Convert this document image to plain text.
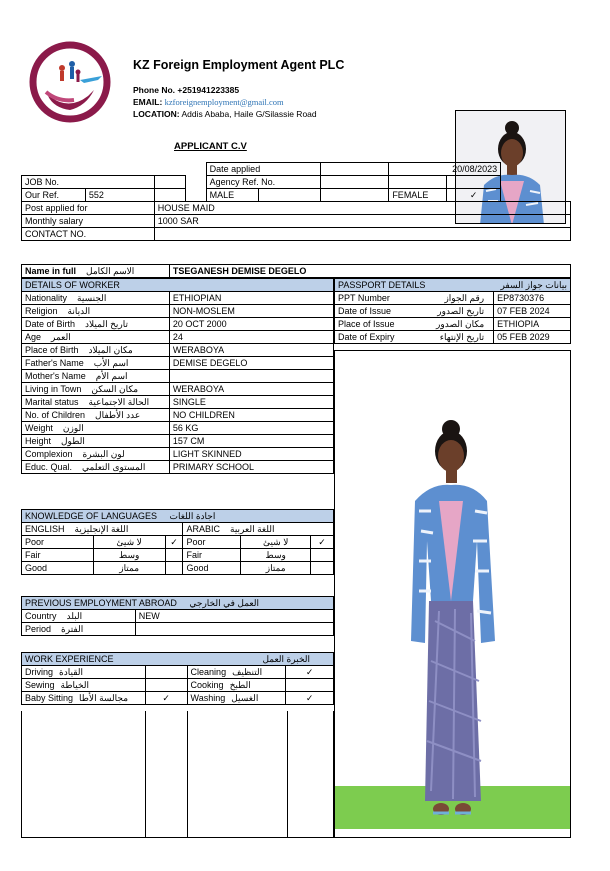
KZ Foreign Employment Agent PLC
Phone No. +251941223385
EMAIL: kzforeignemployment@gmail.com
LOCATION: Addis Ababa, Haile G/Silassie Road
APPLICANT C.V
				Date applied			20/08/2023		
JOB No.				Agency Ref. No.					
Our Ref.	552			MALE			FEMALE	✓	
Post applied for		HOUSE MAID							
Monthly salary		1000 SAR							
CONTACT NO.									
Name in full الاسم الكامل	TSEGANESH DEMISE DEGELO
DETAILS OF WORKER	
Nationality الجنسية	ETHIOPIAN
Religion الديانة	NON-MOSLEM
Date of Birth تاريخ الميلاد	20 OCT 2000
Age العمر	24
Place of Birth مكان الميلاد	WERABOYA
Father's Name اسم الأب	DEMISE DEGELO
Mother's Name اسم الأم	
Living in Town مكان السكن	WERABOYA
Marital status الحالة الاجتماعية	SINGLE
No. of Children عدد الأطفال	NO CHILDREN
Weight الوزن	56 KG
Height الطول	157 CM
Complexion لون البشرة	LIGHT SKINNED
Educ. Qual. المستوى التعلمي	PRIMARY SCHOOL
PASSPORT DETAILS بيانات جواز السفر	

PPT Number رقم الجواز	EP8730376
Date of Issue تاريخ الصدور	07 FEB 2024
Place of Issue مكان الصدور	ETHIOPIA
Date of Expiry تاريخ الإنتهاء	05 FEB 2029
KNOWLEDGE OF LANGUAGES اجادة اللغات					
ENGLISH اللغة الإنجليزية			ARABIC اللغة العربية		
Poor	لا شيئ	✓	Poor	لا شيئ	✓
Fair	وسط		Fair	وسط	
Good	ممتاز		Good	ممتاز	
PREVIOUS EMPLOYMENT ABROAD العمل في الخارجي	
Country البلد	NEW
Period الفترة	
WORK EXPERIENCE الخبرة العمل			

Driving القيادة		Cleaning التنظيف	✓
Sewing الخياطة		Cooking الطبخ	
Baby Sitting مجالسة الأطا	✓	Washing الغسيل	✓
